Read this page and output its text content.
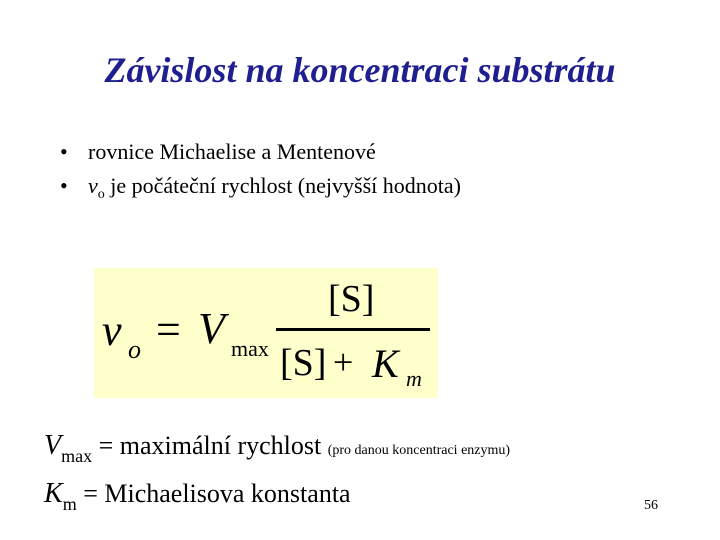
Závislost na koncentraci substrátu
• rovnice Michaelise a Mentenové
• $v_o$ je počáteční rychlost (nejvyšší hodnota)
v o = V max
[S]
[S] + K m
Vmax = maximální rychlost (pro danou koncentraci enzymu)
Km = Michaelisova konstanta	56
